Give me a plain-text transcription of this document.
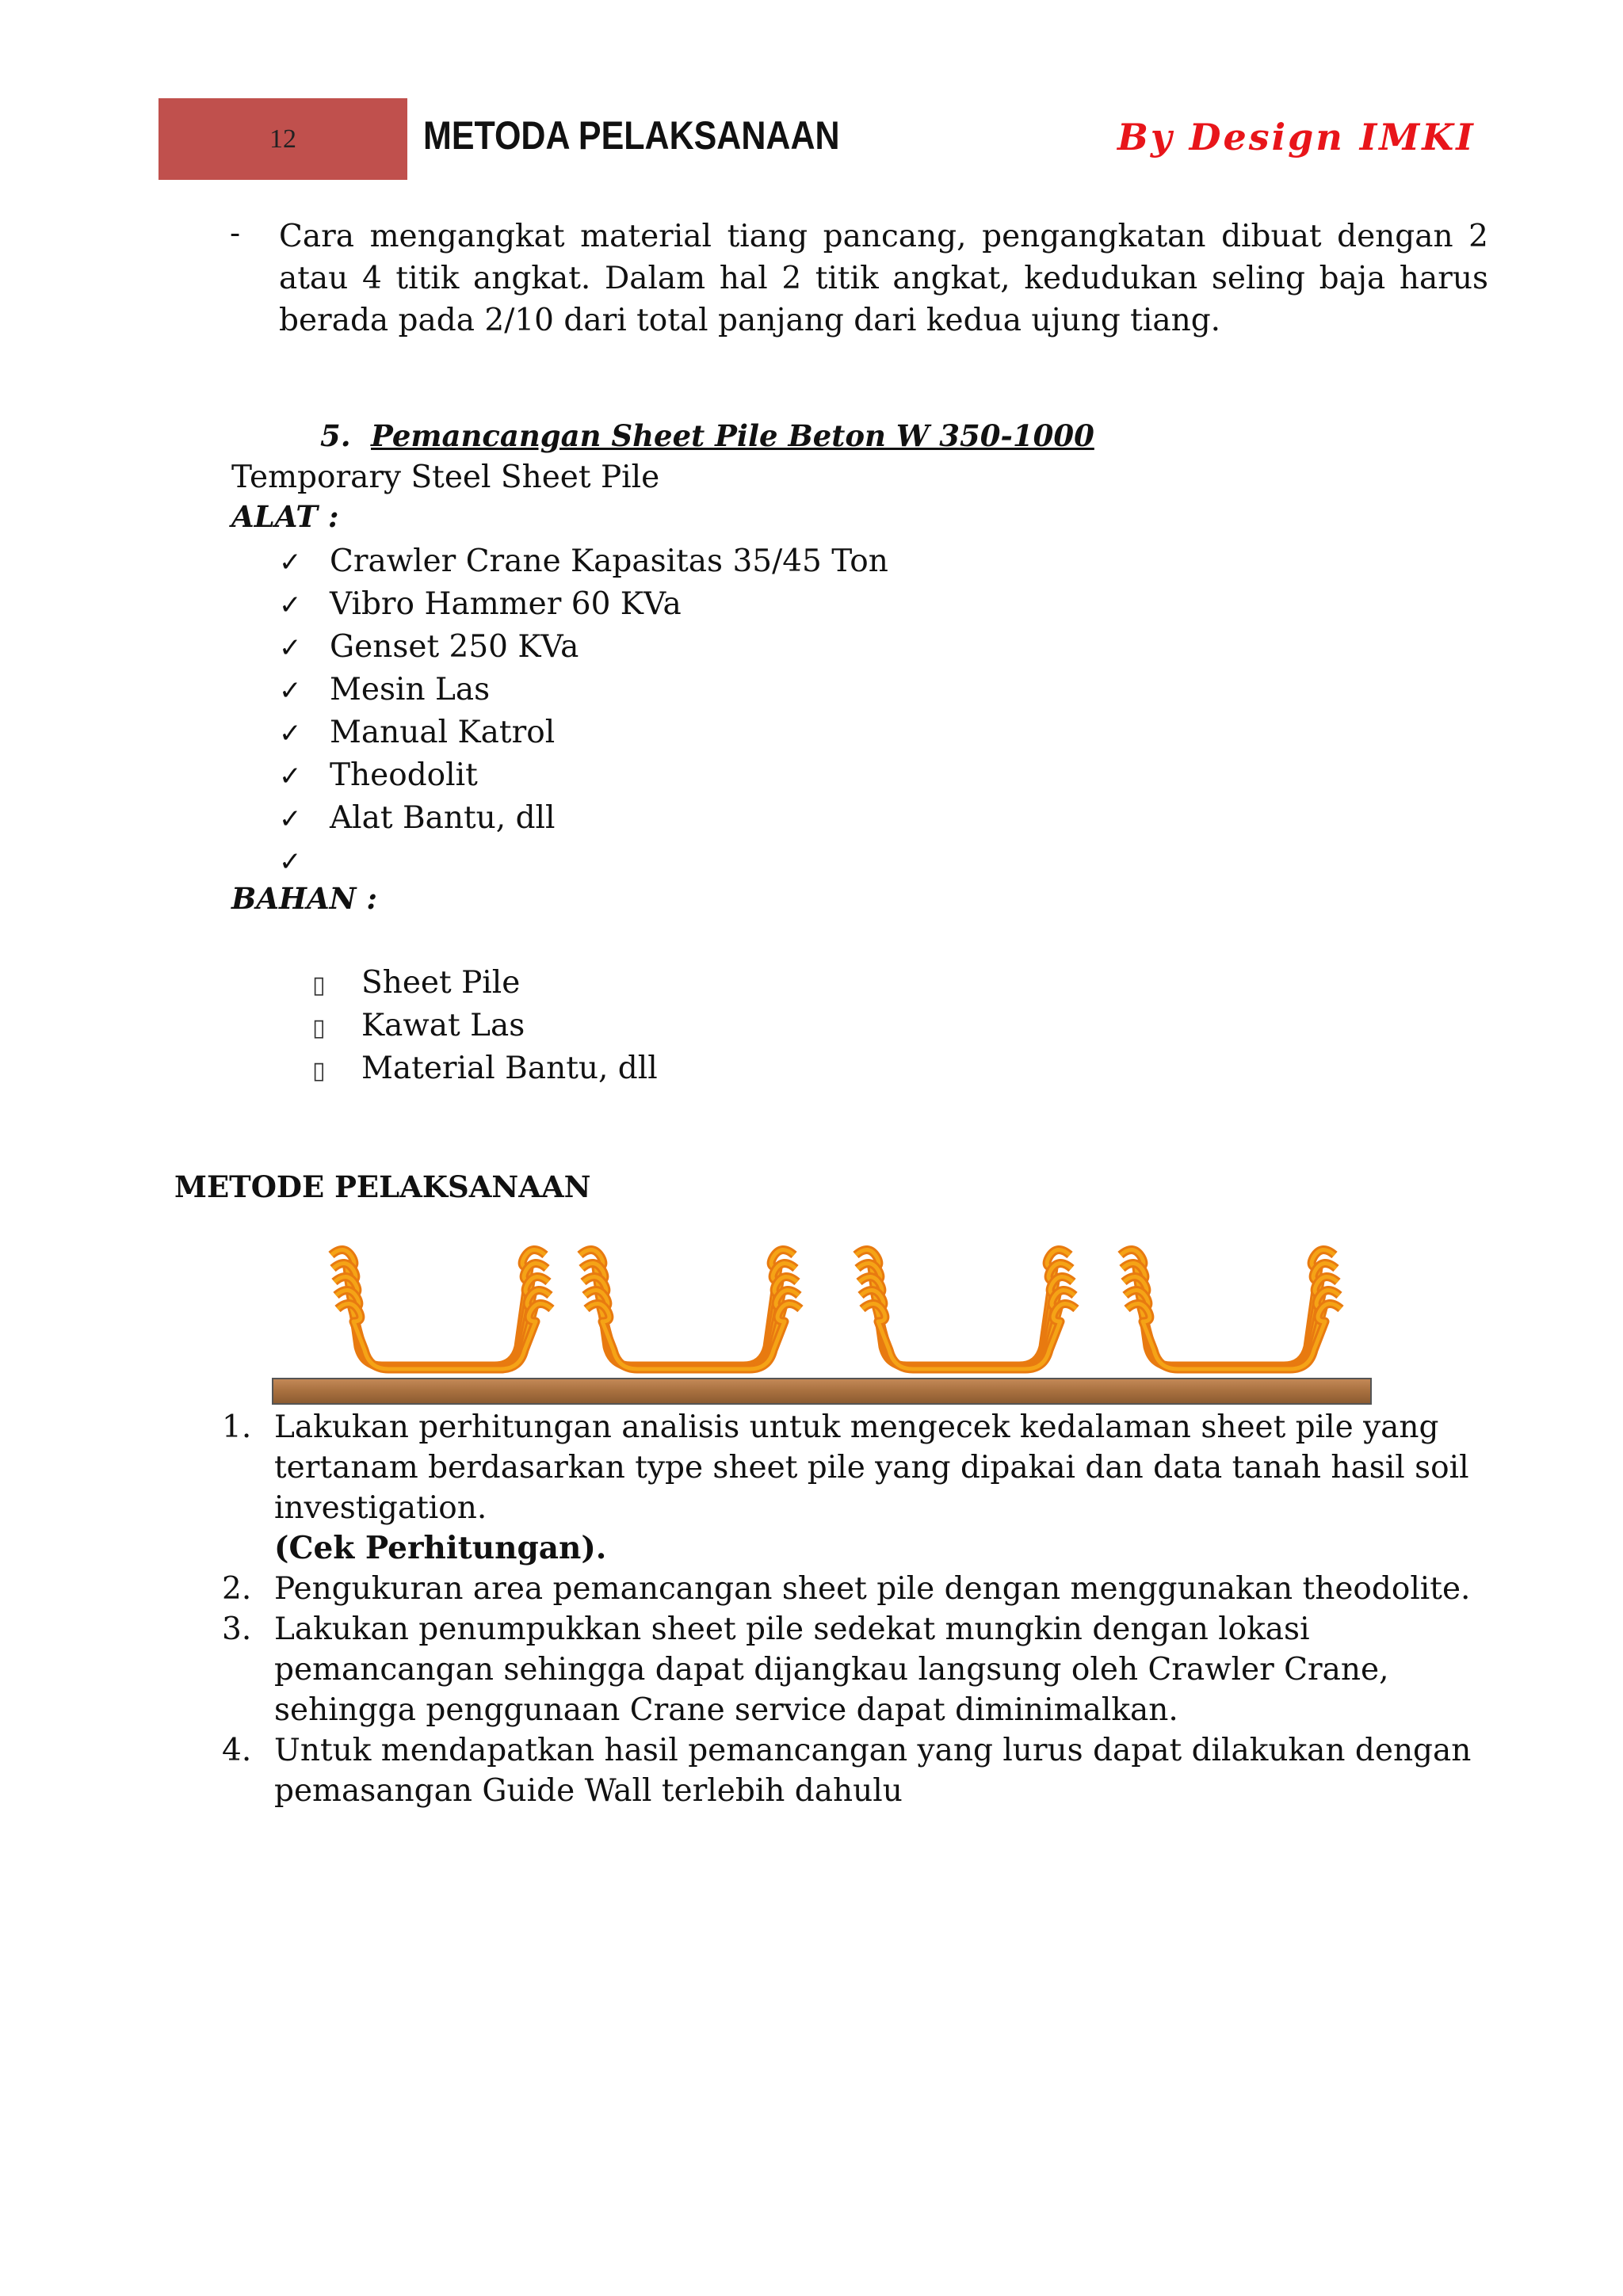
12	METODA PELAKSANAAN	By Design IMKI
- Cara mengangkat material tiang pancang, pengangkatan dibuat dengan 2 atau 4 titik angkat. Dalam hal 2 titik angkat, kedudukan seling baja harus berada pada 2/10 dari total panjang dari kedua ujung tiang.
5. Pemancangan Sheet Pile Beton W 350-1000
Temporary Steel Sheet Pile
ALAT :
✓ Crawler Crane Kapasitas 35/45 Ton
✓ Vibro Hammer 60 KVa
✓ Genset 250 KVa
✓ Mesin Las
✓ Manual Katrol
✓ Theodolit
✓ Alat Bantu, dll
✓
BAHAN :
▯ Sheet Pile
▯ Kawat Las
▯ Material Bantu, dll
METODE PELAKSANAAN
1. Lakukan perhitungan analisis untuk mengecek kedalaman sheet pile yang tertanam berdasarkan type sheet pile yang dipakai dan data tanah hasil soil investigation.
(Cek Perhitungan).
2. Pengukuran area pemancangan sheet pile dengan menggunakan theodolite.
3. Lakukan penumpukkan sheet pile sedekat mungkin dengan lokasi pemancangan sehingga dapat dijangkau langsung oleh Crawler Crane, sehingga penggunaan Crane service dapat diminimalkan.
4. Untuk mendapatkan hasil pemancangan yang lurus dapat dilakukan dengan pemasangan Guide Wall terlebih dahulu
